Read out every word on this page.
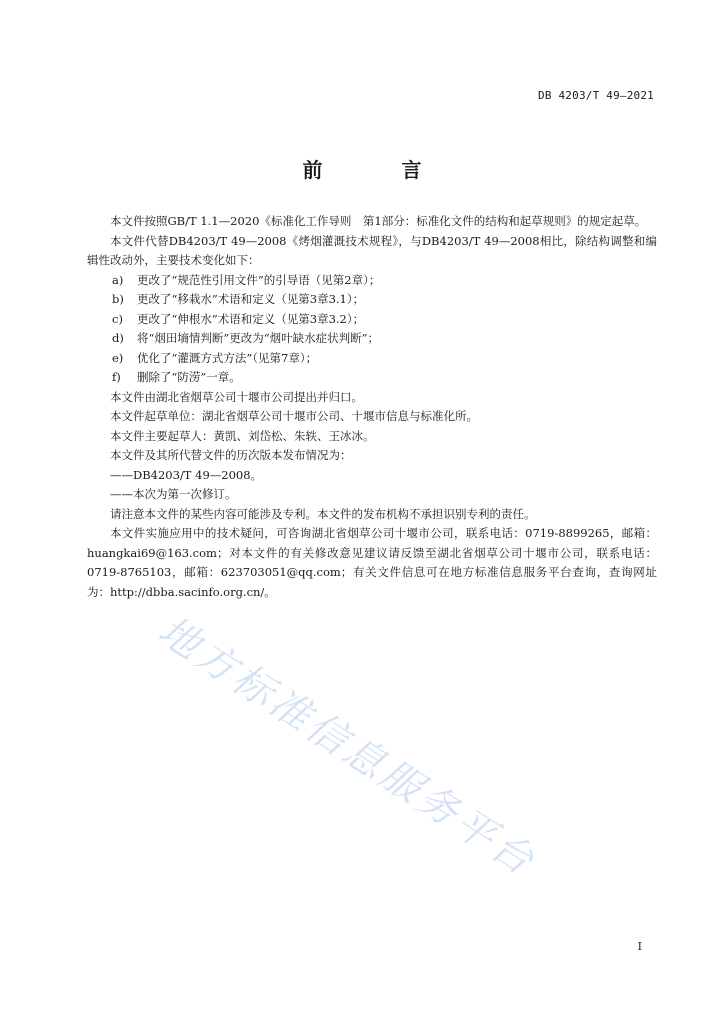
DB 4203/T 49—2021
前 言

本文件按照GB/T 1.1—2020《标准化工作导则　第1部分：标准化文件的结构和起草规则》的规定起草。

本文件代替DB4203/T 49—2008《烤烟灌溉技术规程》，与DB4203/T 49—2008相比，除结构调整和编辑性改动外，主要技术变化如下：

a) 更改了“规范性引用文件”的引导语（见第2章）；

b) 更改了“移栽水”术语和定义（见第3章3.1）；

c) 更改了“伸根水”术语和定义（见第3章3.2）；

d) 将“烟田墒情判断”更改为“烟叶缺水症状判断”；

e) 优化了“灌溉方式方法”（见第7章）；

f) 删除了“防涝”一章。

本文件由湖北省烟草公司十堰市公司提出并归口。

本文件起草单位：湖北省烟草公司十堰市公司、十堰市信息与标准化所。

本文件主要起草人：黄凯、刘岱松、朱轶、王冰冰。

本文件及其所代替文件的历次版本发布情况为：

——DB4203/T 49—2008。

——本次为第一次修订。

请注意本文件的某些内容可能涉及专利。本文件的发布机构不承担识别专利的责任。

本文件实施应用中的技术疑问，可咨询湖北省烟草公司十堰市公司，联系电话：0719-8899265，邮箱：huangkai69@163.com；对本文件的有关修改意见建议请反馈至湖北省烟草公司十堰市公司，联系电话：0719-8765103，邮箱：623703051@qq.com；有关文件信息可在地方标准信息服务平台查询，查询网址为：http://dbba.sacinfo.org.cn/。

地方标准信息服务平台
I
